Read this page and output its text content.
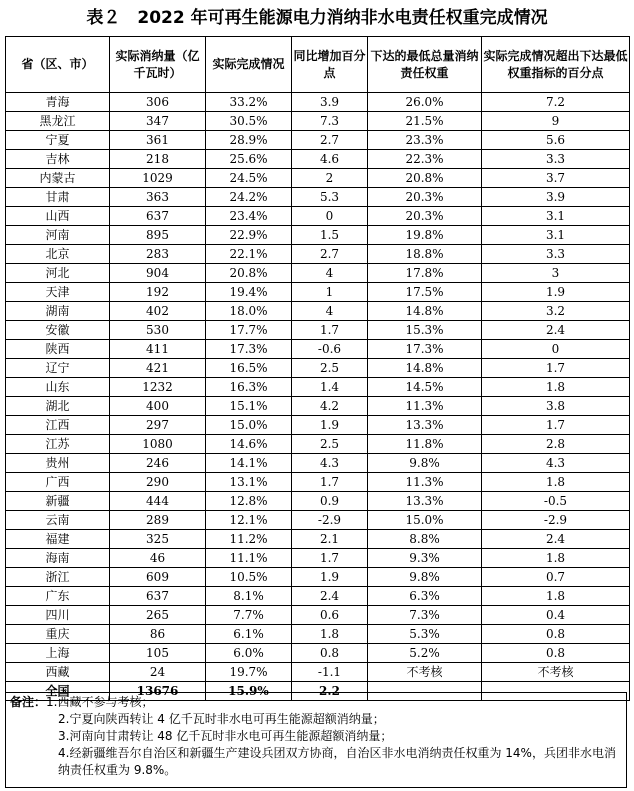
表２　2022 年可再生能源电力消纳非水电责任权重完成情况
省（区、市）	实际消纳量（亿千瓦时）	实际完成情况	同比增加百分点	下达的最低总量消纳责任权重	实际完成情况超出下达最低权重指标的百分点
青海	306	33.2%	3.9	26.0%	7.2
黑龙江	347	30.5%	7.3	21.5%	9
宁夏	361	28.9%	2.7	23.3%	5.6
吉林	218	25.6%	4.6	22.3%	3.3
内蒙古	1029	24.5%	2	20.8%	3.7
甘肃	363	24.2%	5.3	20.3%	3.9
山西	637	23.4%	0	20.3%	3.1
河南	895	22.9%	1.5	19.8%	3.1
北京	283	22.1%	2.7	18.8%	3.3
河北	904	20.8%	4	17.8%	3
天津	192	19.4%	1	17.5%	1.9
湖南	402	18.0%	4	14.8%	3.2
安徽	530	17.7%	1.7	15.3%	2.4
陕西	411	17.3%	-0.6	17.3%	0
辽宁	421	16.5%	2.5	14.8%	1.7
山东	1232	16.3%	1.4	14.5%	1.8
湖北	400	15.1%	4.2	11.3%	3.8
江西	297	15.0%	1.9	13.3%	1.7
江苏	1080	14.6%	2.5	11.8%	2.8
贵州	246	14.1%	4.3	9.8%	4.3
广西	290	13.1%	1.7	11.3%	1.8
新疆	444	12.8%	0.9	13.3%	-0.5
云南	289	12.1%	-2.9	15.0%	-2.9
福建	325	11.2%	2.1	8.8%	2.4
海南	46	11.1%	1.7	9.3%	1.8
浙江	609	10.5%	1.9	9.8%	0.7
广东	637	8.1%	2.4	6.3%	1.8
四川	265	7.7%	0.6	7.3%	0.4
重庆	86	6.1%	1.8	5.3%	0.8
上海	105	6.0%	0.8	5.2%	0.8
西藏	24	19.7%	-1.1	不考核	不考核
全国	13676	15.9%	2.2		
备注：1.西藏不参与考核；
2.宁夏向陕西转让 4 亿千瓦时非水电可再生能源超额消纳量；
3.河南向甘肃转让 48 亿千瓦时非水电可再生能源超额消纳量；
4.经新疆维吾尔自治区和新疆生产建设兵团双方协商，自治区非水电消纳责任权重为 14%，兵团非水电消纳责任权重为 9.8%。
